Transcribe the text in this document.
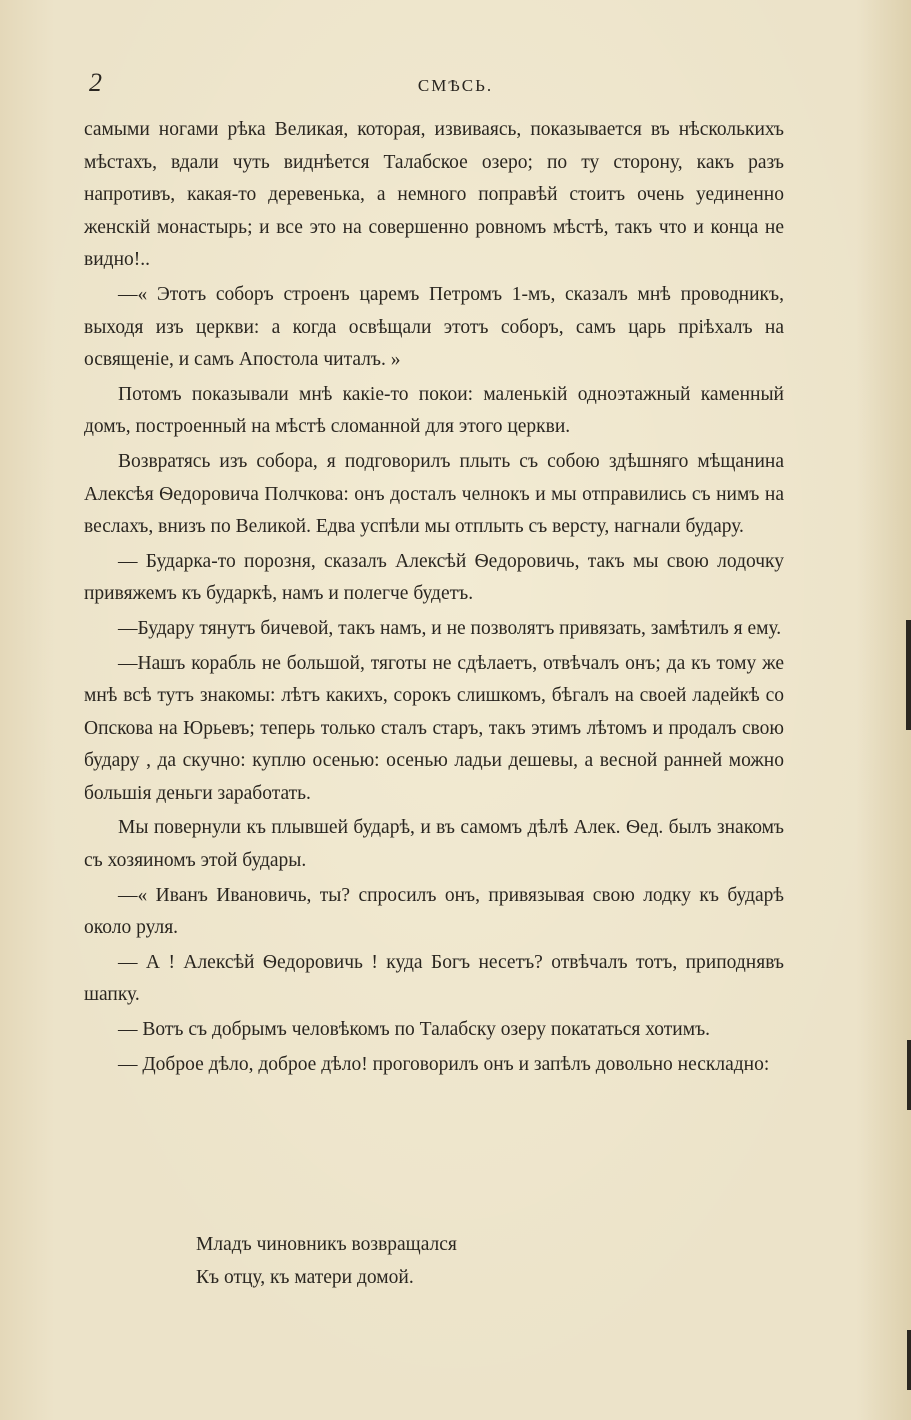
2	СМѢСЬ.

самыми ногами рѣка Великая, которая, извиваясь, показывается въ нѣсколькихъ мѣстахъ, вдали чуть виднѣется Талабское озеро; по ту сторону, какъ разъ напротивъ, какая-то деревенька, а немного поправѣй стоитъ очень уединенно женскій монастырь; и все это на совершенно ровномъ мѣстѣ, такъ что и конца не видно!..

—« Этотъ соборъ строенъ царемъ Петромъ 1-мъ, сказалъ мнѣ проводникъ, выходя изъ церкви: а когда освѣщали этотъ соборъ, самъ царь пріѣхалъ на освященіе, и самъ Апостола читалъ. »

Потомъ показывали мнѣ какіе-то покои: маленькій одноэтажный каменный домъ, построенный на мѣстѣ сломанной для этого церкви.

Возвратясь изъ собора, я подговорилъ плыть съ собою здѣшняго мѣщанина Алексѣя Ѳедоровича Полчкова: онъ досталъ челнокъ и мы отправились съ нимъ на веслахъ, внизъ по Великой. Едва успѣли мы отплыть съ версту, нагнали будару.

— Бударка-то порозня, сказалъ Алексѣй Ѳедоровичь, такъ мы свою лодочку привяжемъ къ бударкѣ, намъ и полегче будетъ.

—Будару тянутъ бичевой, такъ намъ, и не позволятъ привязать, замѣтилъ я ему.

—Нашъ корабль не большой, тяготы не сдѣлаетъ, отвѣчалъ онъ; да къ тому же мнѣ всѣ тутъ знакомы: лѣтъ какихъ, сорокъ слишкомъ, бѣгалъ на своей ладейкѣ со Опскова на Юрьевъ; теперь только сталъ старъ, такъ этимъ лѣтомъ и продалъ свою будару , да скучно: куплю осенью: осенью ладьи дешевы, а весной ранней можно большія деньги заработать.

Мы повернули къ плывшей бударѣ, и въ самомъ дѣлѣ Алек. Ѳед. былъ знакомъ съ хозяиномъ этой будары.

—« Иванъ Ивановичь, ты? спросилъ онъ, привязывая свою лодку къ бударѣ около руля.

— А ! Алексѣй Ѳедоровичь ! куда Богъ несетъ? отвѣчалъ тотъ, приподнявъ шапку.

— Вотъ съ добрымъ человѣкомъ по Талабску озеру покататься хотимъ.

— Доброе дѣло, доброе дѣло! проговорилъ онъ и запѣлъ довольно нескладно:

Младъ чиновникъ возвращался
Къ отцу, къ матери домой.
